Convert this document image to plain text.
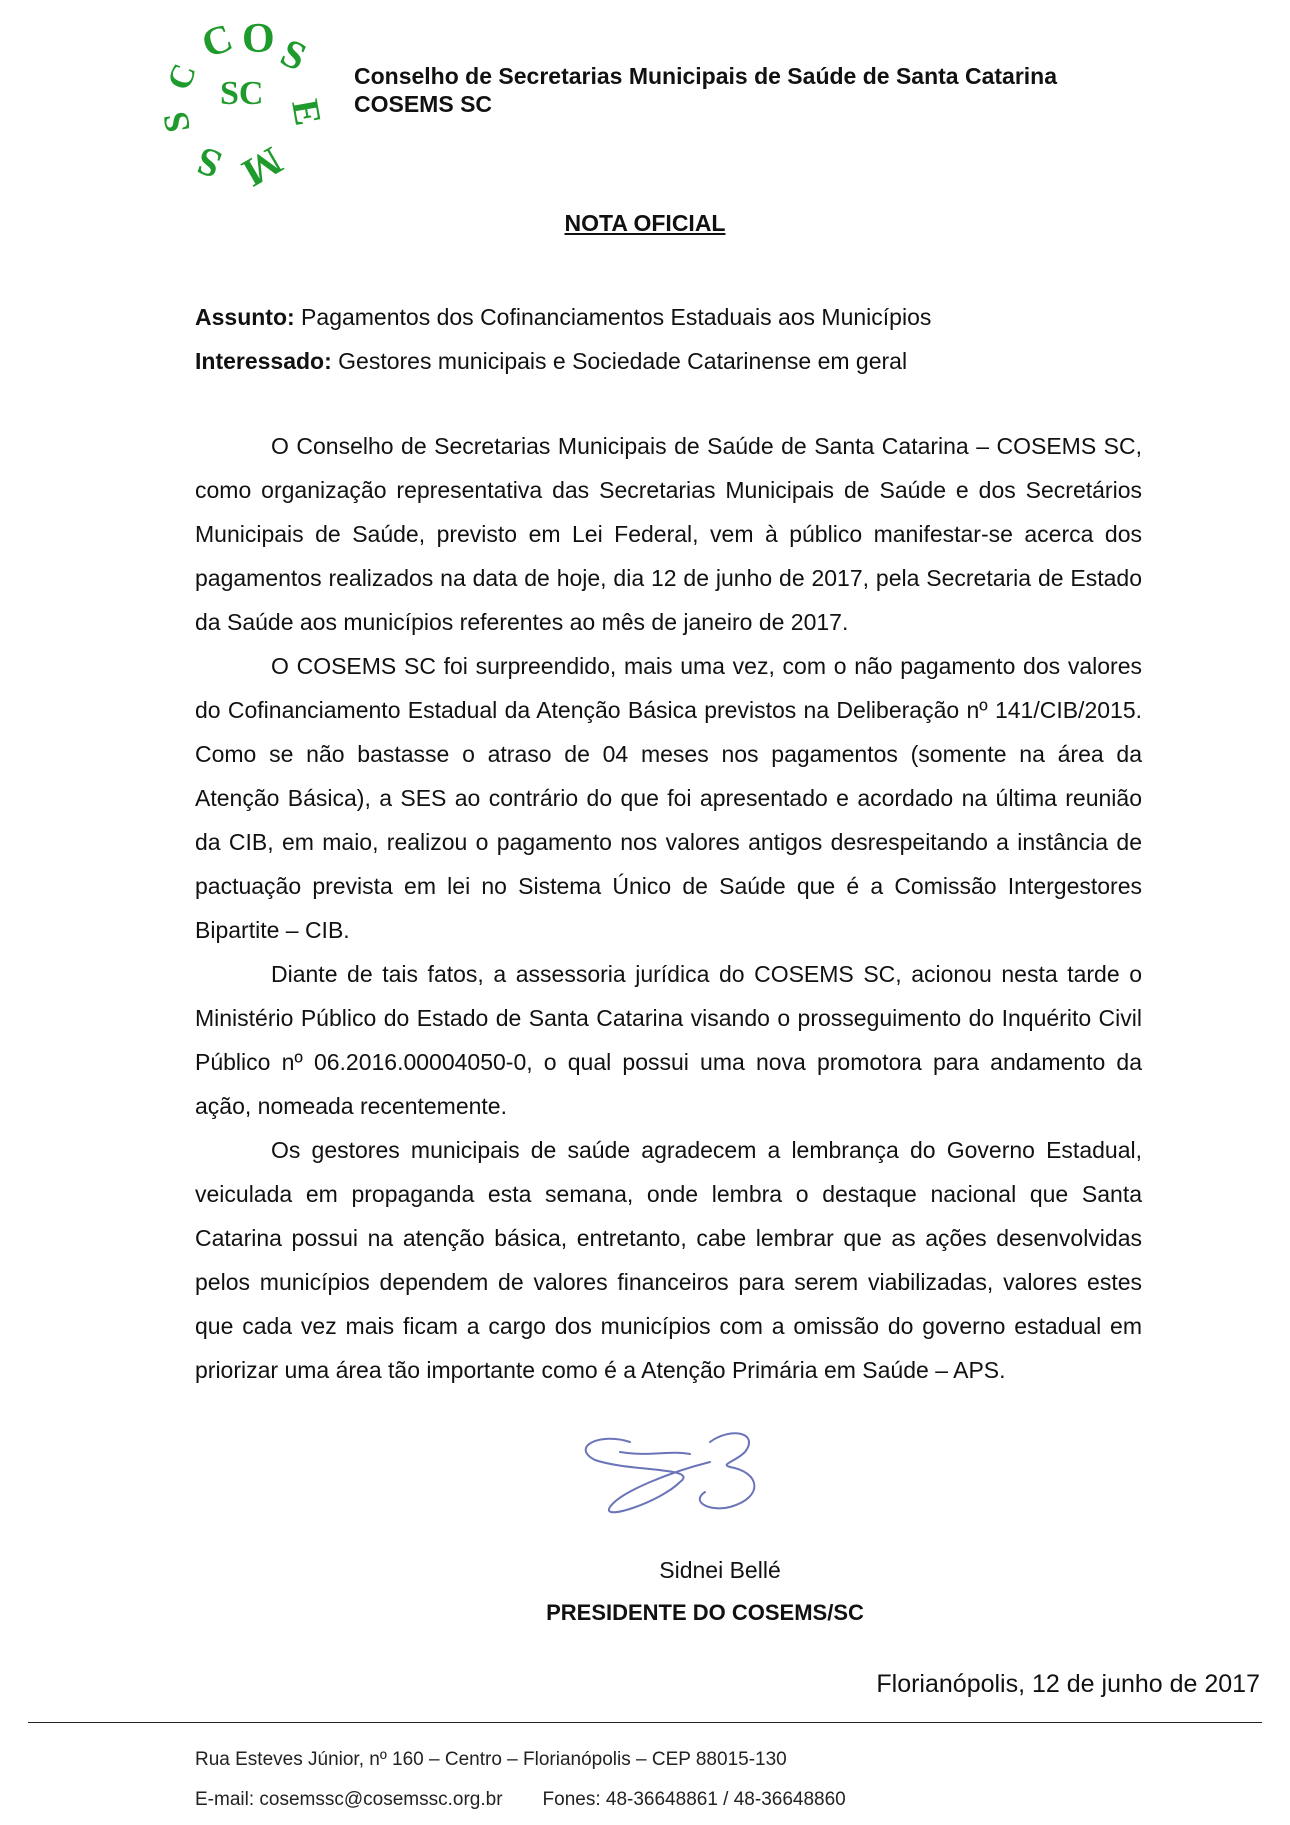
C O S
E
M
S
S
C SC	Conselho de Secretarias Municipais de Saúde de Santa Catarina
COSEMS SC
NOTA OFICIAL
Assunto: Pagamentos dos Cofinanciamentos Estaduais aos Municípios
Interessado: Gestores municipais e Sociedade Catarinense em geral

O Conselho de Secretarias Municipais de Saúde de Santa Catarina – COSEMS SC, como organização representativa das Secretarias Municipais de Saúde e dos Secretários Municipais de Saúde, previsto em Lei Federal, vem à público manifestar-se acerca dos pagamentos realizados na data de hoje, dia 12 de junho de 2017, pela Secretaria de Estado da Saúde aos municípios referentes ao mês de janeiro de 2017.

O COSEMS SC foi surpreendido, mais uma vez, com o não pagamento dos valores do Cofinanciamento Estadual da Atenção Básica previstos na Deliberação nº 141/CIB/2015. Como se não bastasse o atraso de 04 meses nos pagamentos (somente na área da Atenção Básica), a SES ao contrário do que foi apresentado e acordado na última reunião da CIB, em maio, realizou o pagamento nos valores antigos desrespeitando a instância de pactuação prevista em lei no Sistema Único de Saúde que é a Comissão Intergestores Bipartite – CIB.

Diante de tais fatos, a assessoria jurídica do COSEMS SC, acionou nesta tarde o Ministério Público do Estado de Santa Catarina visando o prosseguimento do Inquérito Civil Público nº 06.2016.00004050-0, o qual possui uma nova promotora para andamento da ação, nomeada recentemente.

Os gestores municipais de saúde agradecem a lembrança do Governo Estadual, veiculada em propaganda esta semana, onde lembra o destaque nacional que Santa Catarina possui na atenção básica, entretanto, cabe lembrar que as ações desenvolvidas pelos municípios dependem de valores financeiros para serem viabilizadas, valores estes que cada vez mais ficam a cargo dos municípios com a omissão do governo estadual em priorizar uma área tão importante como é a Atenção Primária em Saúde – APS.

Sidnei Bellé
PRESIDENTE DO COSEMS/SC
Florianópolis, 12 de junho de 2017
Rua Esteves Júnior, nº 160 – Centro – Florianópolis – CEP 88015-130
E-mail: cosemssc@cosemssc.org.br Fones: 48-36648861 / 48-36648860
